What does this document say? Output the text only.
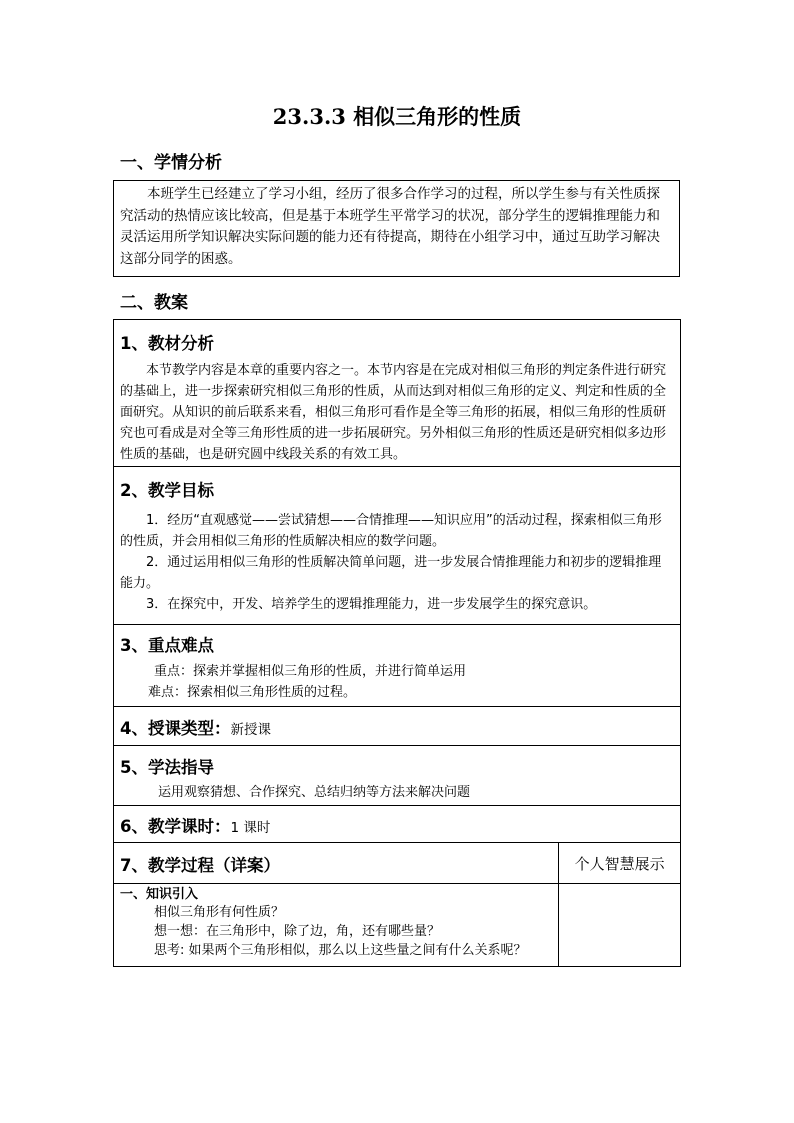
23.3.3 相似三角形的性质
一、学情分析

本班学生已经建立了学习小组，经历了很多合作学习的过程，所以学生参与有关性质探究活动的热情应该比较高，但是基于本班学生平常学习的状况，部分学生的逻辑推理能力和灵活运用所学知识解决实际问题的能力还有待提高，期待在小组学习中，通过互助学习解决这部分同学的困惑。

二、教案
1、教材分析

本节教学内容是本章的重要内容之一。本节内容是在完成对相似三角形的判定条件进行研究的基础上，进一步探索研究相似三角形的性质，从而达到对相似三角形的定义、判定和性质的全面研究。从知识的前后联系来看，相似三角形可看作是全等三角形的拓展，相似三角形的性质研究也可看成是对全等三角形性质的进一步拓展研究。另外相似三角形的性质还是研究相似多边形性质的基础，也是研究圆中线段关系的有效工具。	

2、教学目标

1．经历“直观感觉——尝试猜想——合情推理——知识应用”的活动过程，探索相似三角形的性质，并会用相似三角形的性质解决相应的数学问题。

2．通过运用相似三角形的性质解决简单问题，进一步发展合情推理能力和初步的逻辑推理能力。

3．在探究中，开发、培养学生的逻辑推理能力，进一步发展学生的探究意识。	

3、重点难点

重点：探索并掌握相似三角形的性质，并进行简单运用

难点：探索相似三角形性质的过程。	

4、授课类型：新授课	

5、学法指导

运用观察猜想、合作探究、总结归纳等方法来解决问题	

6、教学课时：1 课时	

7、教学过程（详案）	个人智慧展示

一、知识引入

相似三角形有何性质？

想一想：在三角形中，除了边，角，还有哪些量？

思考: 如果两个三角形相似，那么以上这些量之间有什么关系呢？	
